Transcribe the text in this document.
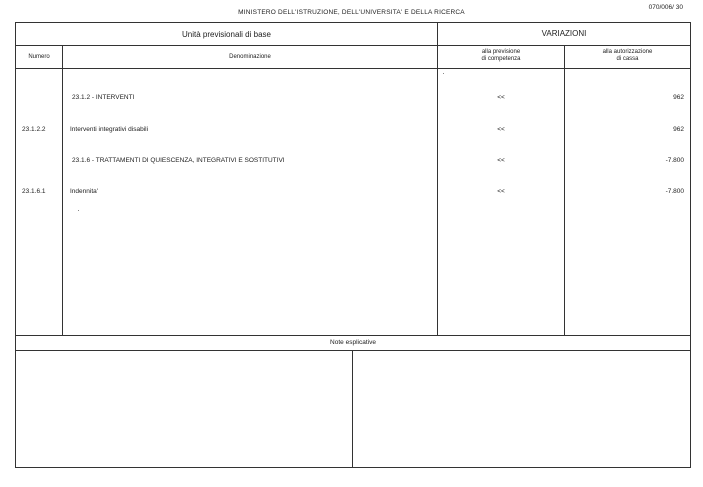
MINISTERO DELL'ISTRUZIONE, DELL'UNIVERSITA' E DELLA RICERCA
070/006/ 30
Unità previsionali di base	VARIAZIONI
Numero	Denominazione
alla previsione
di competenza
alla autorizzazione
di cassa
23.1.2 - INTERVENTI	<<	962
23.1.2.2	Interventi integrativi disabili	<<	962
23.1.6 - TRATTAMENTI DI QUIESCENZA, INTEGRATIVI E SOSTITUTIVI	<<	-7.800
23.1.6.1	Indennita'	<<	-7.800
Note esplicative
